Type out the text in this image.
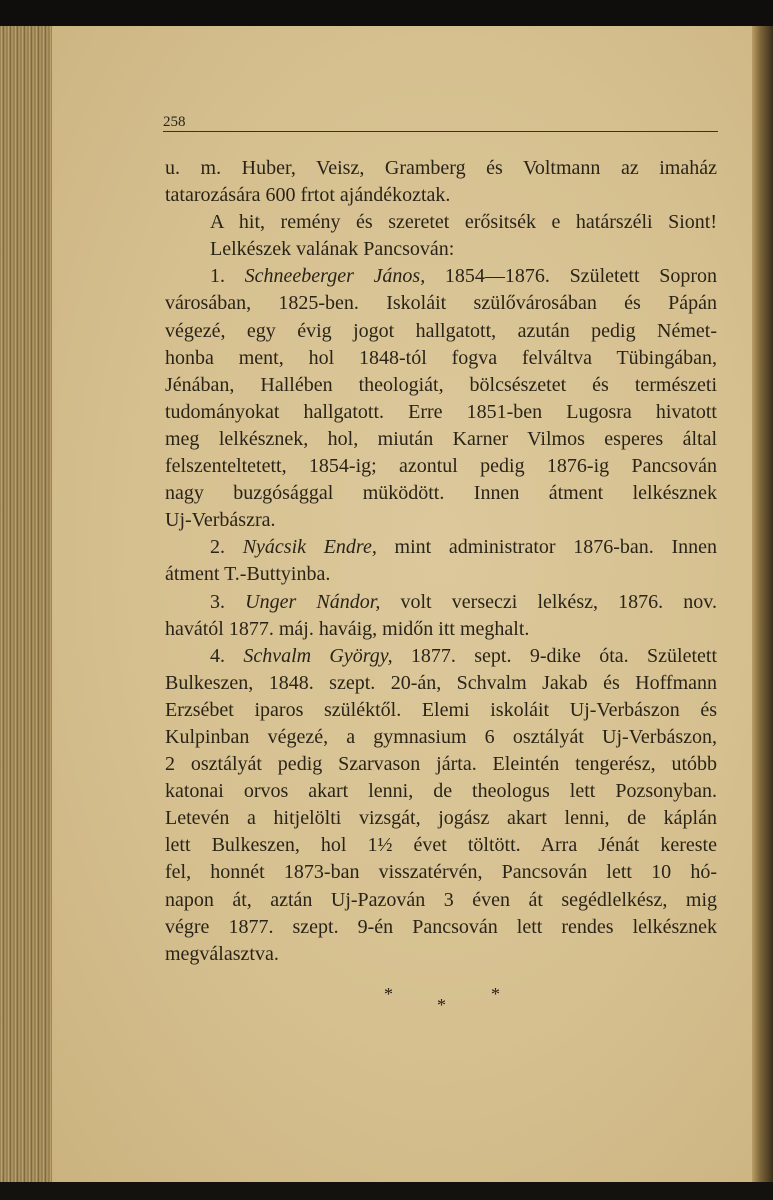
258
u. m. Huber, Veisz, Gramberg és Voltmann az imaház
tatarozására 600 frtot ajándékoztak.
A hit, remény és szeretet erősitsék e határszéli Siont!
Lelkészek valának Pancsován:
1. Schneeberger János, 1854—1876. Született Sopron
városában, 1825-ben. Iskoláit szülővárosában és Pápán
végezé, egy évig jogot hallgatott, azután pedig Német-
honba ment, hol 1848-tól fogva felváltva Tübingában,
Jénában, Hallében theologiát, bölcsészetet és természeti
tudományokat hallgatott. Erre 1851-ben Lugosra hivatott
meg lelkésznek, hol, miután Karner Vilmos esperes által
felszenteltetett, 1854-ig; azontul pedig 1876-ig Pancsován
nagy buzgósággal müködött. Innen átment lelkésznek
Uj-Verbászra.
2. Nyácsik Endre, mint administrator 1876-ban. Innen
átment T.-Buttyinba.
3. Unger Nándor, volt verseczi lelkész, 1876. nov.
havától 1877. máj. haváig, midőn itt meghalt.
4. Schvalm György, 1877. sept. 9-dike óta. Született
Bulkeszen, 1848. szept. 20-án, Schvalm Jakab és Hoffmann
Erzsébet iparos szüléktől. Elemi iskoláit Uj-Verbászon és
Kulpinban végezé, a gymnasium 6 osztályát Uj-Verbászon,
2 osztályát pedig Szarvason járta. Eleintén tengerész, utóbb
katonai orvos akart lenni, de theologus lett Pozsonyban.
Letevén a hitjelölti vizsgát, jogász akart lenni, de káplán
lett Bulkeszen, hol 1½ évet töltött. Arra Jénát kereste
fel, honnét 1873-ban visszatérvén, Pancsován lett 10 hó-
napon át, aztán Uj-Pazován 3 éven át segédlelkész, mig
végre 1877. szept. 9-én Pancsován lett rendes lelkésznek
megválasztva.
*	*
*
